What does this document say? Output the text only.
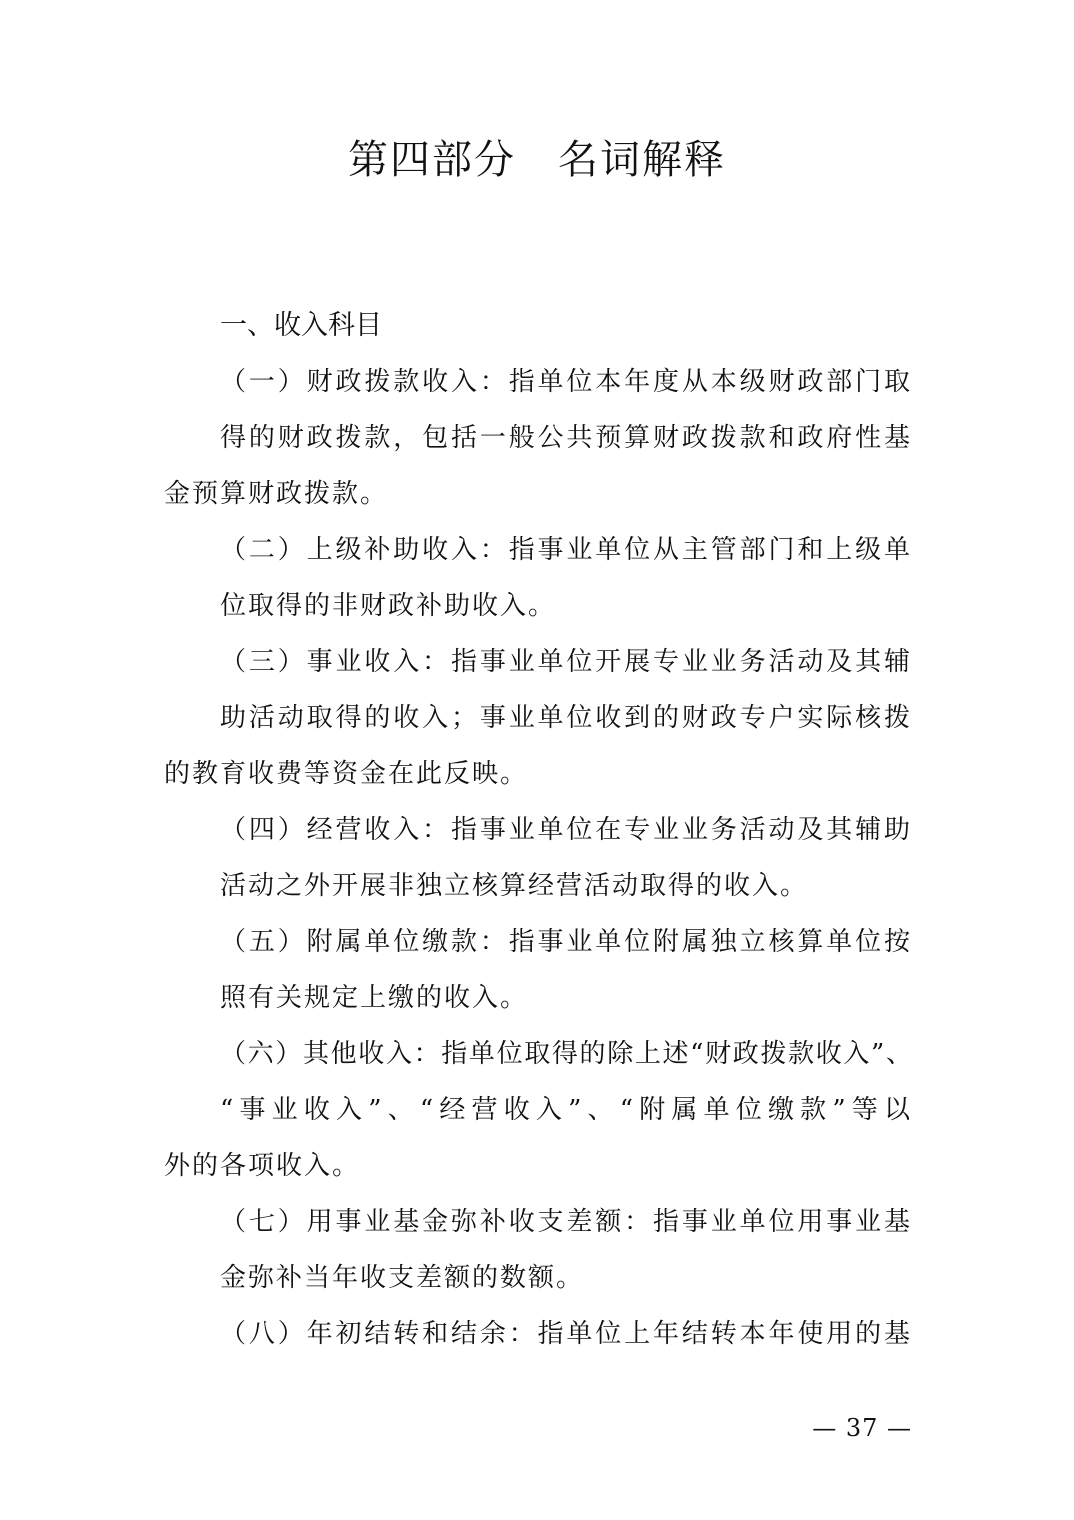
第四部分　名词解释
一、收入科目
（一）财政拨款收入：指单位本年度从本级财政部门取
得的财政拨款，包括一般公共预算财政拨款和政府性基
金预算财政拨款。
（二）上级补助收入：指事业单位从主管部门和上级单
位取得的非财政补助收入。
（三）事业收入：指事业单位开展专业业务活动及其辅
助活动取得的收入；事业单位收到的财政专户实际核拨
的教育收费等资金在此反映。
（四）经营收入：指事业单位在专业业务活动及其辅助
活动之外开展非独立核算经营活动取得的收入。
（五）附属单位缴款：指事业单位附属独立核算单位按
照有关规定上缴的收入。
（六）其他收入：指单位取得的除上述“财政拨款收入”、
“事业收入”、“经营收入”、“附属单位缴款”等以
外的各项收入。
（七）用事业基金弥补收支差额：指事业单位用事业基
金弥补当年收支差额的数额。
（八）年初结转和结余：指单位上年结转本年使用的基
— 37 —
